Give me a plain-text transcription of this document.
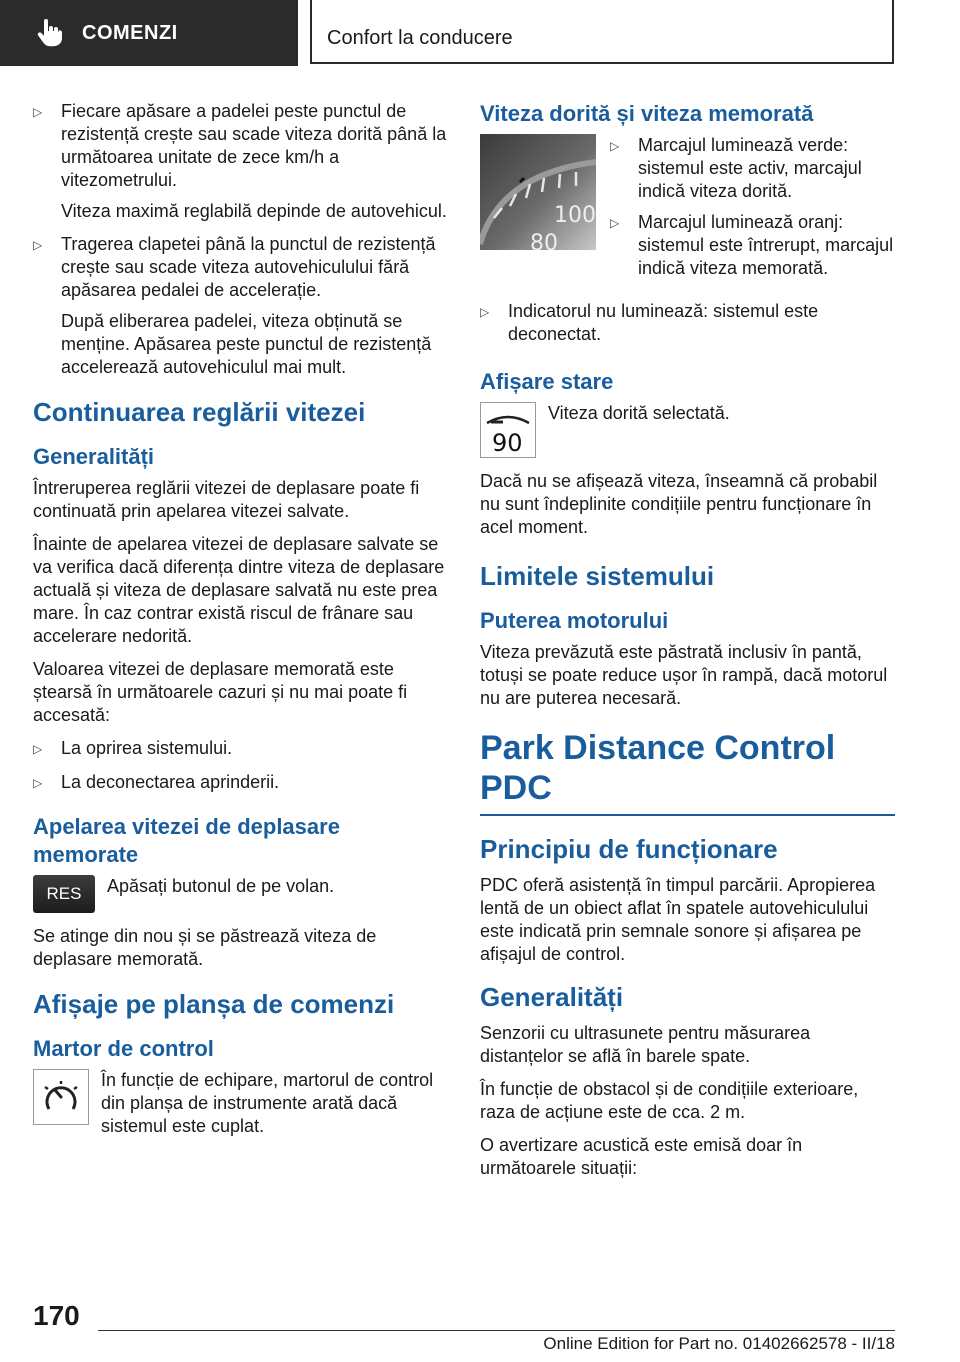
COMENZI	Confort la conducere
▷	Fiecare apăsare a padelei peste punctul de rezistență crește sau scade viteza dorită până la următoarea unitate de zece km/h a vitezometrului.

Viteza maximă reglabilă depinde de autovehicul.

▷	Tragerea clapetei până la punctul de rezistență crește sau scade viteza autovehiculului fără apăsarea pedalei de accelerație.

După eliberarea padelei, viteza obținută se menține. Apăsarea peste punctul de rezistență accelerează autovehiculul mai mult.

Continuarea reglării vitezei
Generalități

Întreruperea reglării vitezei de deplasare poate fi continuată prin apelarea vitezei salvate.

Înainte de apelarea vitezei de deplasare salvate se va verifica dacă diferența dintre viteza de deplasare actuală și viteza de deplasare salvată nu este prea mare. În caz contrar există riscul de frânare sau accelerare nedorită.

Valoarea vitezei de deplasare memorată este ștearsă în următoarele cazuri și nu mai poate fi accesată:

▷	La oprirea sistemului.

▷	La deconectarea aprinderii.

Apelarea vitezei de deplasare memorate
RES Apăsați butonul de pe volan.

Se atinge din nou și se păstrează viteza de deplasare memorată.

Afișaje pe planșa de comenzi
Martor de control

În funcție de echipare, martorul de control din planșa de instrumente arată dacă sistemul este cuplat.

Viteza dorită și viteza memorată
100
80
▷	Marcajul luminează verde: sistemul este activ, marcajul indică viteza dorită.

▷	Marcajul luminează oranj: sistemul este întrerupt, marcajul indică viteza memorată.

▷	Indicatorul nu luminează: sistemul este deconectat.

Afișare stare
90

Viteza dorită selectată.

Dacă nu se afișează viteza, înseamnă că probabil nu sunt îndeplinite condițiile pentru funcționare în acel moment.

Limitele sistemului
Puterea motorului

Viteza prevăzută este păstrată inclusiv în pantă, totuși se poate reduce ușor în rampă, dacă motorul nu are puterea necesară.

Park Distance Control PDC
Principiu de funcționare

PDC oferă asistență în timpul parcării. Apropierea lentă de un obiect aflat în spatele autovehiculului este indicată prin semnale sonore și afișarea pe afișajul de control.

Generalități

Senzorii cu ultrasunete pentru măsurarea distanțelor se află în barele spate.

În funcție de obstacol și de condițiile exterioare, raza de acțiune este de cca. 2 m.

O avertizare acustică este emisă doar în următoarele situații:

170
Online Edition for Part no. 01402662578 - II/18
